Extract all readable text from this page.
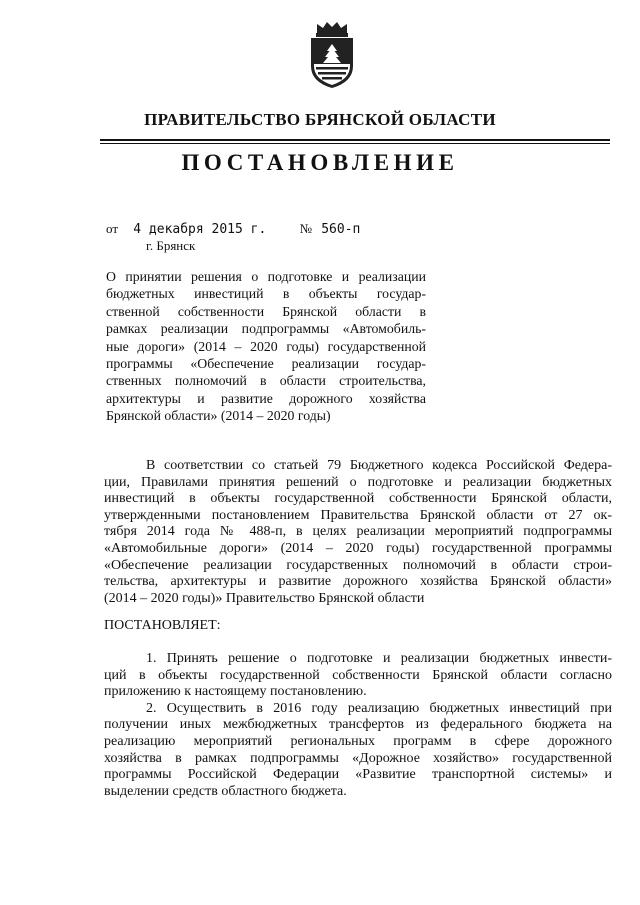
ПРАВИТЕЛЬСТВО БРЯНСКОЙ ОБЛАСТИ
ПОСТАНОВЛЕНИЕ
от 4 декабря 2015 г.	№ 560-п
г. Брянск
О принятии решения о подготовке и реализации
бюджетных инвестиций в объекты государ-
ственной собственности Брянской области в
рамках реализации подпрограммы «Автомобиль-
ные дороги» (2014 – 2020 годы) государственной
программы «Обеспечение реализации государ-
ственных полномочий в области строительства,
архитектуры и развитие дорожного хозяйства
Брянской области» (2014 – 2020 годы)
В соответствии со статьей 79 Бюджетного кодекса Российской Федера-
ции, Правилами принятия решений о подготовке и реализации бюджетных
инвестиций в объекты государственной собственности Брянской области,
утвержденными постановлением Правительства Брянской области от 27 ок-
тября 2014 года № 488-п, в целях реализации мероприятий подпрограммы
«Автомобильные дороги» (2014 – 2020 годы) государственной программы
«Обеспечение реализации государственных полномочий в области строи-
тельства, архитектуры и развитие дорожного хозяйства Брянской области»
(2014 – 2020 годы)» Правительство Брянской области
ПОСТАНОВЛЯЕТ:
1. Принять решение о подготовке и реализации бюджетных инвести-
ций в объекты государственной собственности Брянской области согласно
приложению к настоящему постановлению.
2. Осуществить в 2016 году реализацию бюджетных инвестиций при
получении иных межбюджетных трансфертов из федерального бюджета на
реализацию мероприятий региональных программ в сфере дорожного
хозяйства в рамках подпрограммы «Дорожное хозяйство» государственной
программы Российской Федерации «Развитие транспортной системы» и
выделении средств областного бюджета.
